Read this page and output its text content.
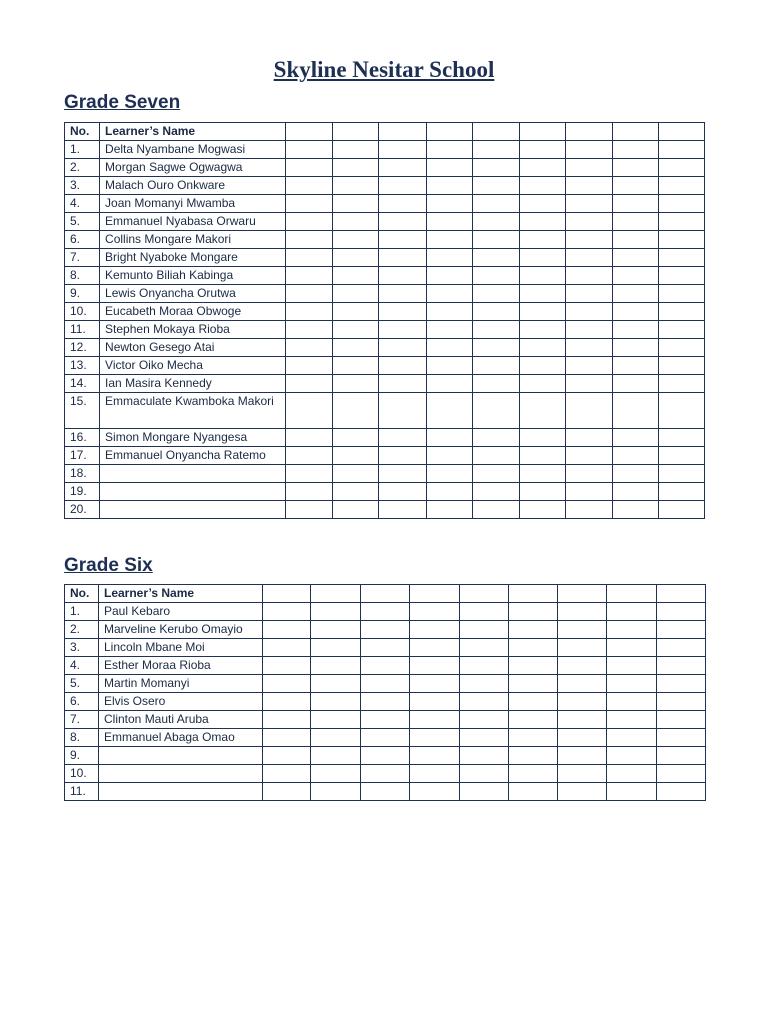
Skyline Nesitar School
Grade Seven
No.	Learner’s Name									
1.	Delta Nyambane Mogwasi									
2.	Morgan Sagwe Ogwagwa									
3.	Malach Ouro Onkware									
4.	Joan Momanyi Mwamba									
5.	Emmanuel Nyabasa Orwaru									
6.	Collins Mongare Makori									
7.	Bright Nyaboke Mongare									
8.	Kemunto Biliah Kabinga									
9.	Lewis Onyancha Orutwa									
10.	Eucabeth Moraa Obwoge									
11.	Stephen Mokaya Rioba									
12.	Newton Gesego Atai									
13.	Victor Oiko Mecha									
14.	Ian Masira Kennedy									
15.	Emmaculate Kwamboka Makori									
16.	Simon Mongare Nyangesa									
17.	Emmanuel Onyancha Ratemo									
18.										
19.										
20.										
Grade Six
No.	Learner’s Name									
1.	Paul Kebaro									
2.	Marveline Kerubo Omayio									
3.	Lincoln Mbane Moi									
4.	Esther Moraa Rioba									
5.	Martin Momanyi									
6.	Elvis Osero									
7.	Clinton Mauti Aruba									
8.	Emmanuel Abaga Omao									
9.										
10.										
11.										
